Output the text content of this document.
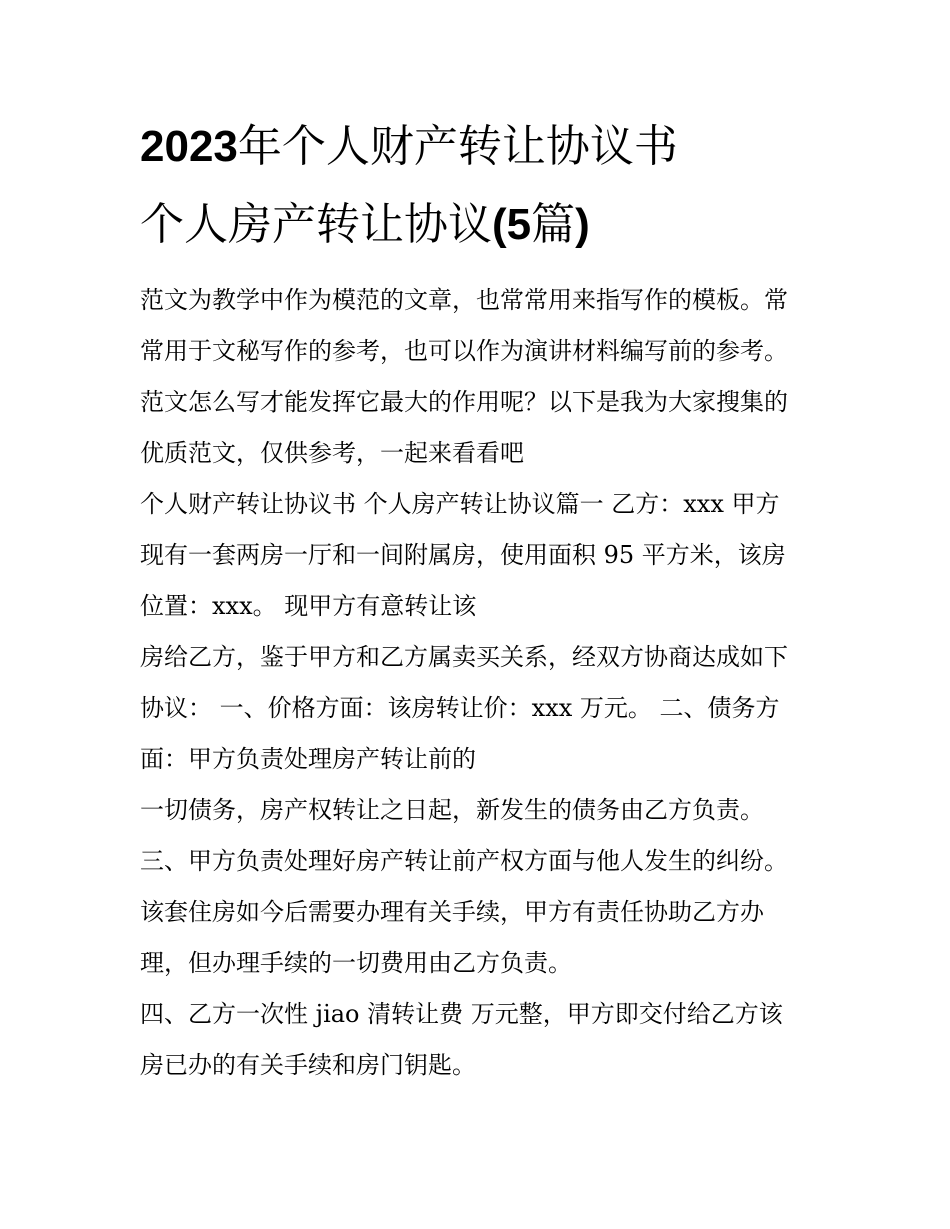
2023年个人财产转让协议书
个人房产转让协议(5篇)
范文为教学中作为模范的文章，也常常用来指写作的模板。常
常用于文秘写作的参考，也可以作为演讲材料编写前的参考。
范文怎么写才能发挥它最大的作用呢？以下是我为大家搜集的
优质范文，仅供参考，一起来看看吧
个人财产转让协议书 个人房产转让协议篇一 乙方：xxx 甲方
现有一套两房一厅和一间附属房，使用面积 95 平方米，该房
位置：xxx。 现甲方有意转让该
房给乙方，鉴于甲方和乙方属卖买关系，经双方协商达成如下
协议： 一、价格方面：该房转让价：xxx 万元。 二、债务方
面：甲方负责处理房产转让前的
一切债务，房产权转让之日起，新发生的债务由乙方负责。
三、甲方负责处理好房产转让前产权方面与他人发生的纠纷。
该套住房如今后需要办理有关手续，甲方有责任协助乙方办
理，但办理手续的一切费用由乙方负责。
四、乙方一次性 jiao 清转让费 万元整，甲方即交付给乙方该
房已办的有关手续和房门钥匙。
